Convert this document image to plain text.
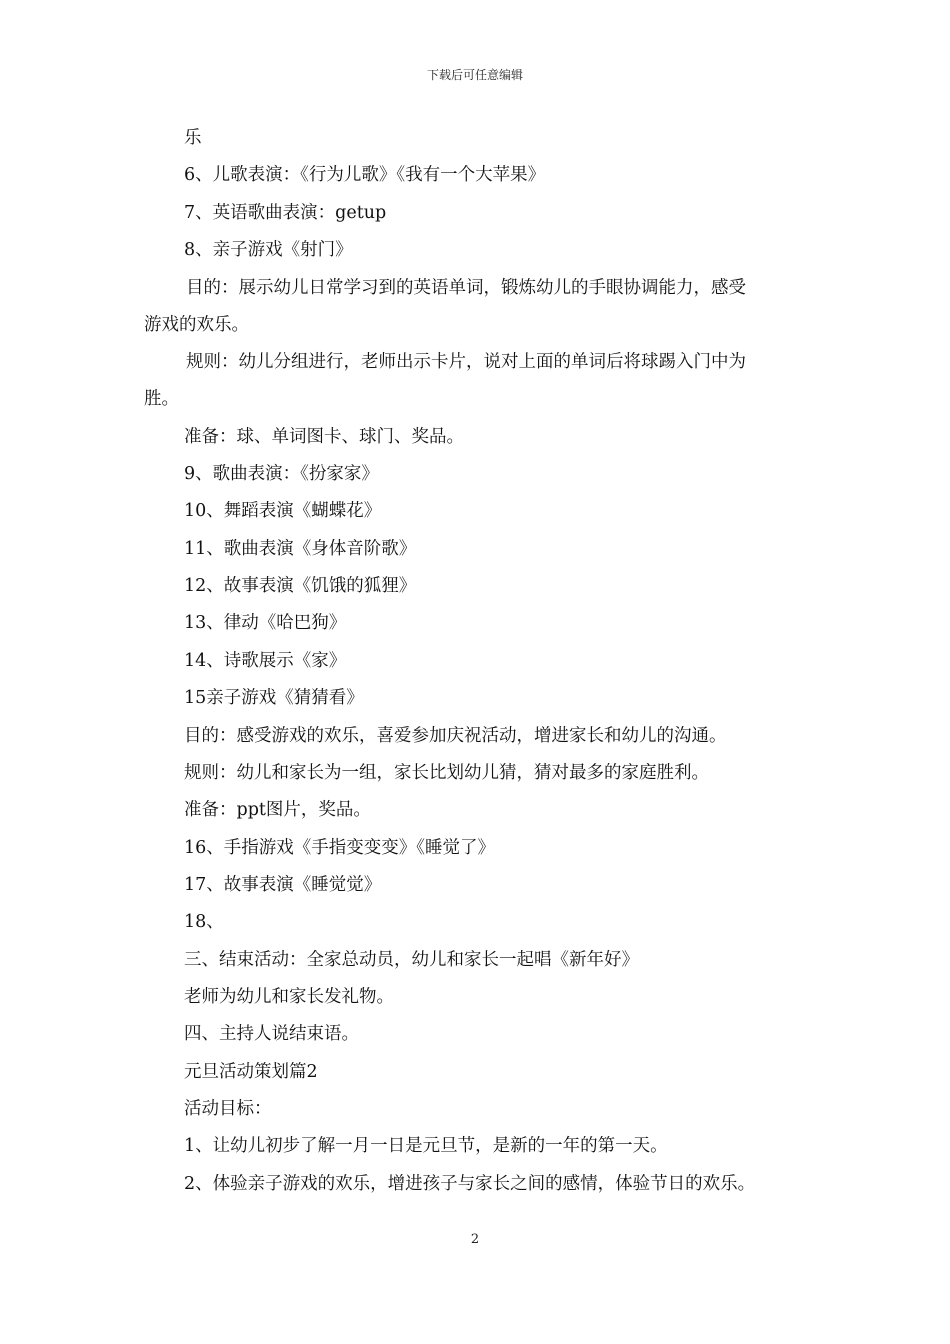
下载后可任意编辑
乐
6、儿歌表演：《行为儿歌》《我有一个大苹果》
7、英语歌曲表演：getup
8、亲子游戏《射门》
目的：展示幼儿日常学习到的英语单词，锻炼幼儿的手眼协调能力，感受
游戏的欢乐。
规则：幼儿分组进行，老师出示卡片，说对上面的单词后将球踢入门中为
胜。
准备：球、单词图卡、球门、奖品。
9、歌曲表演：《扮家家》
10、舞蹈表演《蝴蝶花》
11、歌曲表演《身体音阶歌》
12、故事表演《饥饿的狐狸》
13、律动《哈巴狗》
14、诗歌展示《家》
15亲子游戏《猜猜看》
目的：感受游戏的欢乐，喜爱参加庆祝活动，增进家长和幼儿的沟通。
规则：幼儿和家长为一组，家长比划幼儿猜，猜对最多的家庭胜利。
准备：ppt图片，奖品。
16、手指游戏《手指变变变》《睡觉了》
17、故事表演《睡觉觉》
18、
三、结束活动：全家总动员，幼儿和家长一起唱《新年好》
老师为幼儿和家长发礼物。
四、主持人说结束语。
元旦活动策划篇2
活动目标：
1、让幼儿初步了解一月一日是元旦节，是新的一年的第一天。
2、体验亲子游戏的欢乐，增进孩子与家长之间的感情，体验节日的欢乐。
2
